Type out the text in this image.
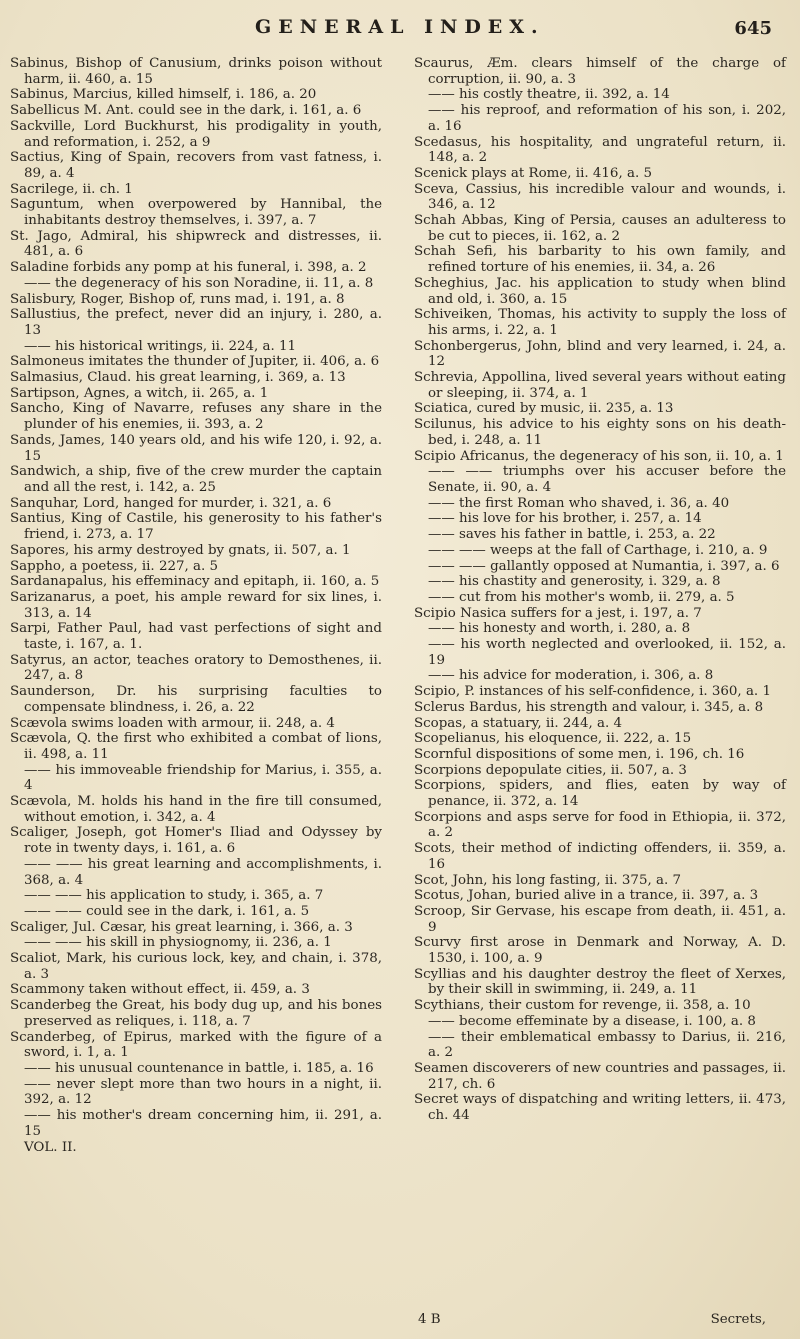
GENERAL INDEX.	645

Sabinus, Bishop of Canusium, drinks poison without harm, ii. 460, a. 15

Sabinus, Marcius, killed himself, i. 186, a. 20

Sabellicus M. Ant. could see in the dark, i. 161, a. 6

Sackville, Lord Buckhurst, his prodigality in youth, and reformation, i. 252, a 9

Sactius, King of Spain, recovers from vast fatness, i. 89, a. 4

Sacrilege, ii. ch. 1

Saguntum, when overpowered by Hannibal, the inhabitants destroy themselves, i. 397, a. 7

St. Jago, Admiral, his shipwreck and distresses, ii. 481, a. 6

Saladine forbids any pomp at his funeral, i. 398, a. 2

—— the degeneracy of his son Noradine, ii. 11, a. 8

Salisbury, Roger, Bishop of, runs mad, i. 191, a. 8

Sallustius, the prefect, never did an injury, i. 280, a. 13

—— his historical writings, ii. 224, a. 11

Salmoneus imitates the thunder of Jupiter, ii. 406, a. 6

Salmasius, Claud. his great learning, i. 369, a. 13

Sartipson, Agnes, a witch, ii. 265, a. 1

Sancho, King of Navarre, refuses any share in the plunder of his enemies, ii. 393, a. 2

Sands, James, 140 years old, and his wife 120, i. 92, a. 15

Sandwich, a ship, five of the crew murder the captain and all the rest, i. 142, a. 25

Sanquhar, Lord, hanged for murder, i. 321, a. 6

Santius, King of Castile, his generosity to his father's friend, i. 273, a. 17

Sapores, his army destroyed by gnats, ii. 507, a. 1

Sappho, a poetess, ii. 227, a. 5

Sardanapalus, his effeminacy and epitaph, ii. 160, a. 5

Sarizanarus, a poet, his ample reward for six lines, i. 313, a. 14

Sarpi, Father Paul, had vast perfections of sight and taste, i. 167, a. 1.

Satyrus, an actor, teaches oratory to Demosthenes, ii. 247, a. 8

Saunderson, Dr. his surprising faculties to compensate blindness, i. 26, a. 22

Scævola swims loaden with armour, ii. 248, a. 4

Scævola, Q. the first who exhibited a combat of lions, ii. 498, a. 11

—— his immoveable friendship for Marius, i. 355, a. 4

Scævola, M. holds his hand in the fire till consumed, without emotion, i. 342, a. 4

Scaliger, Joseph, got Homer's Iliad and Odyssey by rote in twenty days, i. 161, a. 6

—— —— his great learning and accomplishments, i. 368, a. 4

—— —— his application to study, i. 365, a. 7

—— —— could see in the dark, i. 161, a. 5

Scaliger, Jul. Cæsar, his great learning, i. 366, a. 3

—— —— his skill in physiognomy, ii. 236, a. 1

Scaliot, Mark, his curious lock, key, and chain, i. 378, a. 3

Scammony taken without effect, ii. 459, a. 3

Scanderbeg the Great, his body dug up, and his bones preserved as reliques, i. 118, a. 7

Scanderbeg, of Epirus, marked with the figure of a sword, i. 1, a. 1

—— his unusual countenance in battle, i. 185, a. 16

—— never slept more than two hours in a night, ii. 392, a. 12

—— his mother's dream concerning him, ii. 291, a. 15

VOL. II.

Scaurus, Æm. clears himself of the charge of corruption, ii. 90, a. 3

—— his costly theatre, ii. 392, a. 14

—— his reproof, and reformation of his son, i. 202, a. 16

Scedasus, his hospitality, and ungrateful return, ii. 148, a. 2

Scenick plays at Rome, ii. 416, a. 5

Sceva, Cassius, his incredible valour and wounds, i. 346, a. 12

Schah Abbas, King of Persia, causes an adulteress to be cut to pieces, ii. 162, a. 2

Schah Sefi, his barbarity to his own family, and refined torture of his enemies, ii. 34, a. 26

Scheghius, Jac. his application to study when blind and old, i. 360, a. 15

Schiveiken, Thomas, his activity to supply the loss of his arms, i. 22, a. 1

Schonbergerus, John, blind and very learned, i. 24, a. 12

Schrevia, Appollina, lived several years without eating or sleeping, ii. 374, a. 1

Sciatica, cured by music, ii. 235, a. 13

Scilunus, his advice to his eighty sons on his death-bed, i. 248, a. 11

Scipio Africanus, the degeneracy of his son, ii. 10, a. 1

—— —— triumphs over his accuser before the Senate, ii. 90, a. 4

—— the first Roman who shaved, i. 36, a. 40

—— his love for his brother, i. 257, a. 14

—— saves his father in battle, i. 253, a. 22

—— —— weeps at the fall of Carthage, i. 210, a. 9

—— —— gallantly opposed at Numantia, i. 397, a. 6

—— his chastity and generosity, i. 329, a. 8

—— cut from his mother's womb, ii. 279, a. 5

Scipio Nasica suffers for a jest, i. 197, a. 7

—— his honesty and worth, i. 280, a. 8

—— his worth neglected and overlooked, ii. 152, a. 19

—— his advice for moderation, i. 306, a. 8

Scipio, P. instances of his self-confidence, i. 360, a. 1

Sclerus Bardus, his strength and valour, i. 345, a. 8

Scopas, a statuary, ii. 244, a. 4

Scopelianus, his eloquence, ii. 222, a. 15

Scornful dispositions of some men, i. 196, ch. 16

Scorpions depopulate cities, ii. 507, a. 3

Scorpions, spiders, and flies, eaten by way of penance, ii. 372, a. 14

Scorpions and asps serve for food in Ethiopia, ii. 372, a. 2

Scots, their method of indicting offenders, ii. 359, a. 16

Scot, John, his long fasting, ii. 375, a. 7

Scotus, Johan, buried alive in a trance, ii. 397, a. 3

Scroop, Sir Gervase, his escape from death, ii. 451, a. 9

Scurvy first arose in Denmark and Norway, A. D. 1530, i. 100, a. 9

Scyllias and his daughter destroy the fleet of Xerxes, by their skill in swimming, ii. 249, a. 11

Scythians, their custom for revenge, ii. 358, a. 10

—— become effeminate by a disease, i. 100, a. 8

—— their emblematical embassy to Darius, ii. 216, a. 2

Seamen discoverers of new countries and passages, ii. 217, ch. 6

Secret ways of dispatching and writing letters, ii. 473, ch. 44

4 B	Secrets,
